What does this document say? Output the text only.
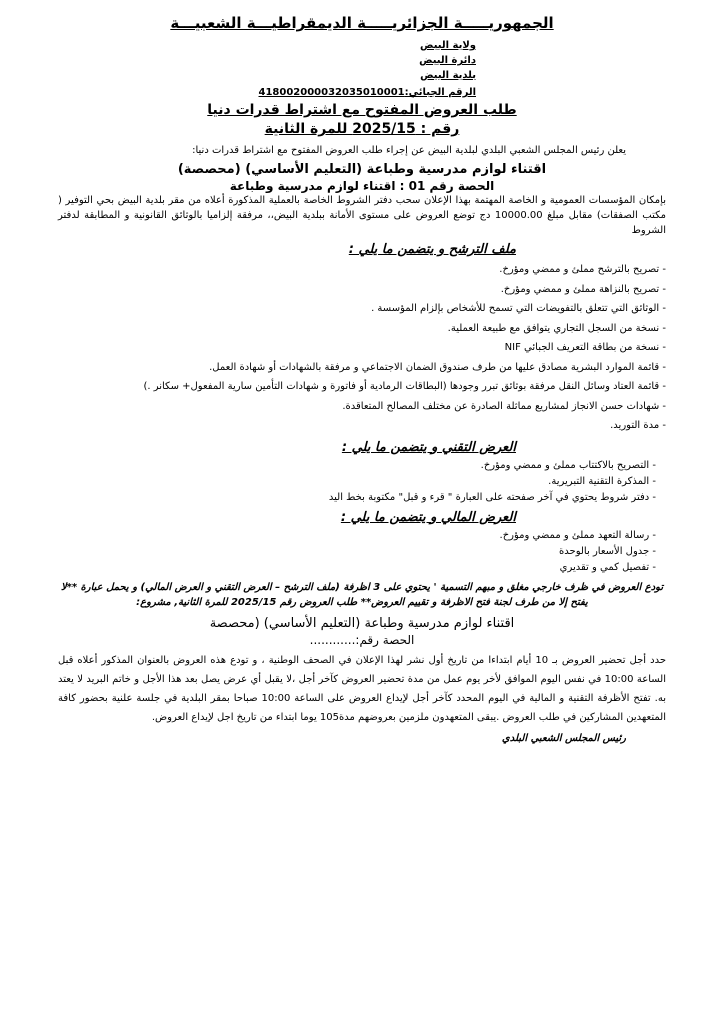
الجمهوريـــــة الجزائريـــــة الديمقراطيـــة الشعبيـــة
ولاية البيض
دائرة البيض
بلدية البيض
الرقم الجبائي:418002000032035010001
طلب العروض المفتوح مع اشتراط قدرات دنيا
رقم : 2025/15 للمرة الثانية
يعلن رئيس المجلس الشعبي البلدي لبلدية البيض عن إجراء طلب العروض المفتوح مع اشتراط قدرات دنيا:
اقتناء لوازم مدرسية وطباعة (التعليم الأساسي) (محصصة)
الحصة رقم 01 : اقتناء لوازم مدرسية وطباعة
بإمكان المؤسسات العمومية و الخاصة المهتمة بهذا الإعلان سحب دفتر الشروط الخاصة بالعملية المذكورة أعلاه من مقر بلدية البيض بحي التوفير ( مكتب الصفقات) مقابل مبلغ 10000.00 دج توضع العروض على مستوى الأمانة ببلدية البيض،، مرفقة إلزاميا بالوثائق القانونية و المطابقة لدفتر الشروط
ملف الترشح و يتضمن ما يلي :
- تصريح بالترشح مملئ و ممضي ومؤرخ.
- تصريح بالنزاهة مملئ و ممضي ومؤرخ.
- الوثائق التي تتعلق بالتفويضات التي تسمح للأشخاص بإلزام المؤسسة .
- نسخة من السجل التجاري يتوافق مع طبيعة العملية.
- نسخة من بطاقة التعريف الجبائي NIF
- قائمة الموارد البشرية مصادق عليها من طرف صندوق الضمان الاجتماعي و مرفقة بالشهادات أو شهادة العمل.
- قائمة العتاد وسائل النقل مرفقة بوثائق تبرر وجودها (البطاقات الرمادية أو فاتورة و شهادات التأمين سارية المفعول+ سكانر .)
- شهادات حسن الانجاز لمشاريع مماثلة الصادرة عن مختلف المصالح المتعاقدة.
- مدة التوريد.
العرض التقني و يتضمن ما يلي :
- التصريح بالاكتتاب مملئ و ممضي ومؤرخ.
- المذكرة التقنية التبريرية.
- دفتر شروط يحتوي في آخر صفحته على العبارة " قرء و قبل" مكتوبة بخط اليد
العرض المالي و يتضمن ما يلي :
- رسالة التعهد مملئ و ممضي ومؤرخ.
- جدول الأسعار بالوحدة
- تفصيل كمي و تقديري
تودع العروض في ظرف خارجي مغلق و مبهم التسمية ' يحتوي على 3 اظرفة (ملف الترشح – العرض التقني و العرض المالي) و يحمل عبارة **لا يفتح إلا من طرف لجنة فتح الاظرفة و تقييم العروض** طلب العروض رقم 2025/15 للمرة الثانية, مشروع:
اقتناء لوازم مدرسية وطباعة (التعليم الأساسي) (محصصة
الحصة رقم:............
حدد أجل تحضير العروض بـ 10 أيام ابتداءا من تاريخ أول نشر لهذا الإعلان في الصحف الوطنية ، و تودع هذه العروض بالعنوان المذكور أعلاه قبل الساعة 10:00 في نفس اليوم الموافق لأخر يوم عمل من مدة تحضير العروض كآخر أجل ،لا يقبل أي عرض يصل بعد هذا الأجل و خاتم البريد لا يعتد به. تفتح الأظرفة التقنية و المالية في اليوم المحدد كآخر أجل لإيداع العروض على الساعة 10:00 صباحا بمقر البلدية في جلسة علنية بحضور كافة المتعهدين المشاركين في طلب العروض .يبقى المتعهدون ملزمين بعروضهم مدة105 يوما ابتداء من تاريخ اجل لإيداع العروض.
رئيس المجلس الشعبي البلدي
